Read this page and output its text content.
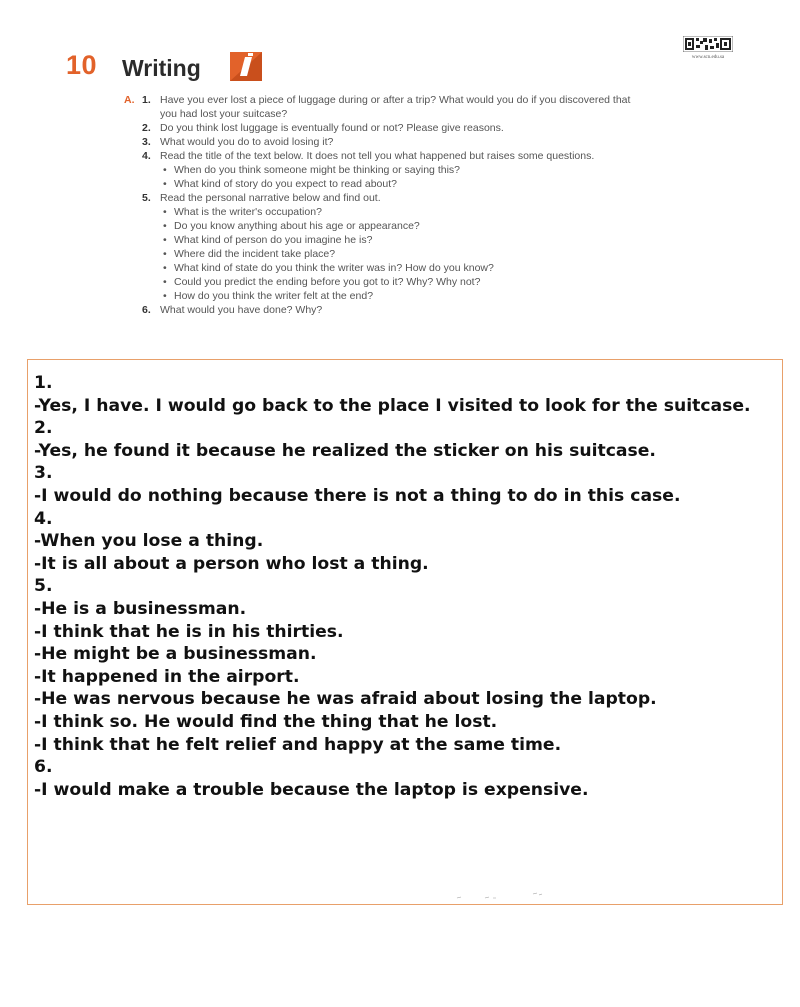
10 Writing	www.scn.edu.sa
A. 1. Have you ever lost a piece of luggage during or after a trip? What would you do if you discovered that
you had lost your suitcase?
2. Do you think lost luggage is eventually found or not? Please give reasons.
3. What would you do to avoid losing it?
4. Read the title of the text below. It does not tell you what happened but raises some questions.
• When do you think someone might be thinking or saying this?
• What kind of story do you expect to read about?
5. Read the personal narrative below and find out.
• What is the writer's occupation?
• Do you know anything about his age or appearance?
• What kind of person do you imagine he is?
• Where did the incident take place?
• What kind of state do you think the writer was in? How do you know?
• Could you predict the ending before you got to it? Why? Why not?
• How do you think the writer felt at the end?
6. What would you have done? Why?
1.
-Yes, I have. I would go back to the place I visited to look for the suitcase.
2.
-Yes, he found it because he realized the sticker on his suitcase.
3.
-I would do nothing because there is not a thing to do in this case.
4.
-When you lose a thing.
-It is all about a person who lost a thing.
5.
-He is a businessman.
-I think that he is in his thirties.
-He might be a businessman.
-It happened in the airport.
-He was nervous because he was afraid about losing the laptop.
-I think so. He would find the thing that he lost.
-I think that he felt relief and happy at the same time.
6.
-I would make a trouble because the laptop is expensive.
